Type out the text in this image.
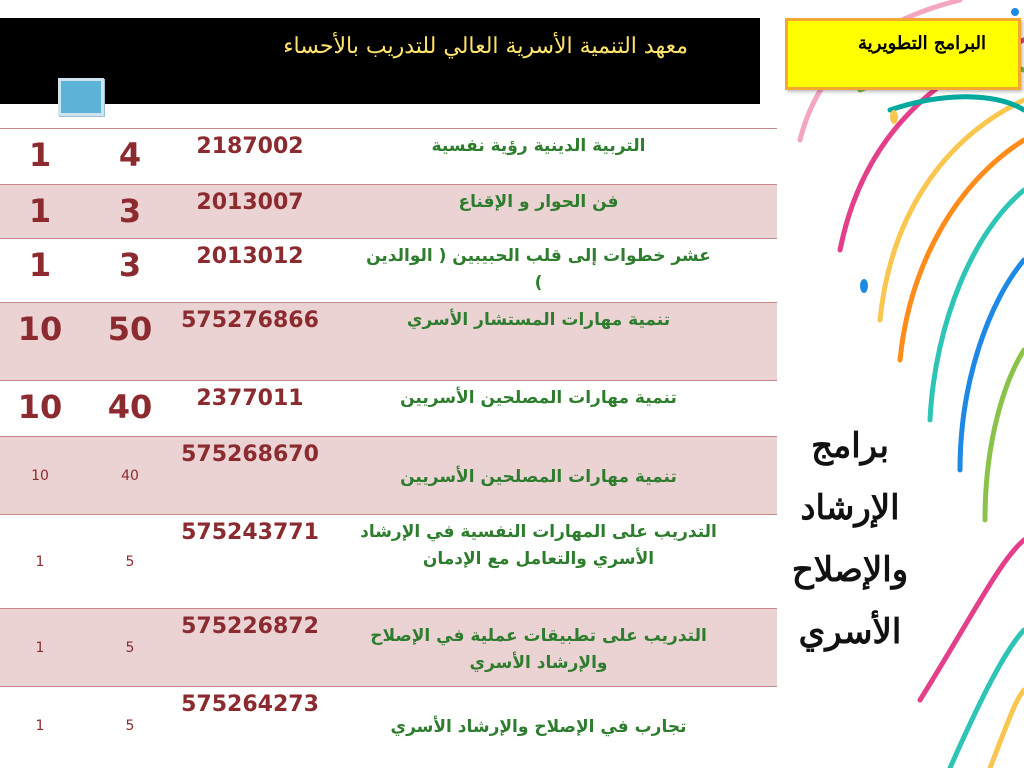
معهد التنمية الأسرية العالي للتدريب بالأحساء
1	4	2187002	التربية الدينية رؤية نفسية
1	3	2013007	فن الحوار و الإقناع
1	3	2013012	عشر خطوات إلى قلب الحبيبين ( الوالدين )
10	50	575276866	تنمية مهارات المستشار الأسري
10	40	2377011	تنمية مهارات المصلحين الأسريين
10	40	575268670	تنمية مهارات المصلحين الأسريين
1	5	575243771	التدريب على المهارات النفسية في الإرشاد الأسري والتعامل مع الإدمان
1	5	575226872	التدريب على تطبيقات عملية في الإصلاح والإرشاد الأسري
1	5	575264273	تجارب في الإصلاح والإرشاد الأسري
البرامج التطويرية
برامج
الإرشاد
والإصلاح
الأسري
